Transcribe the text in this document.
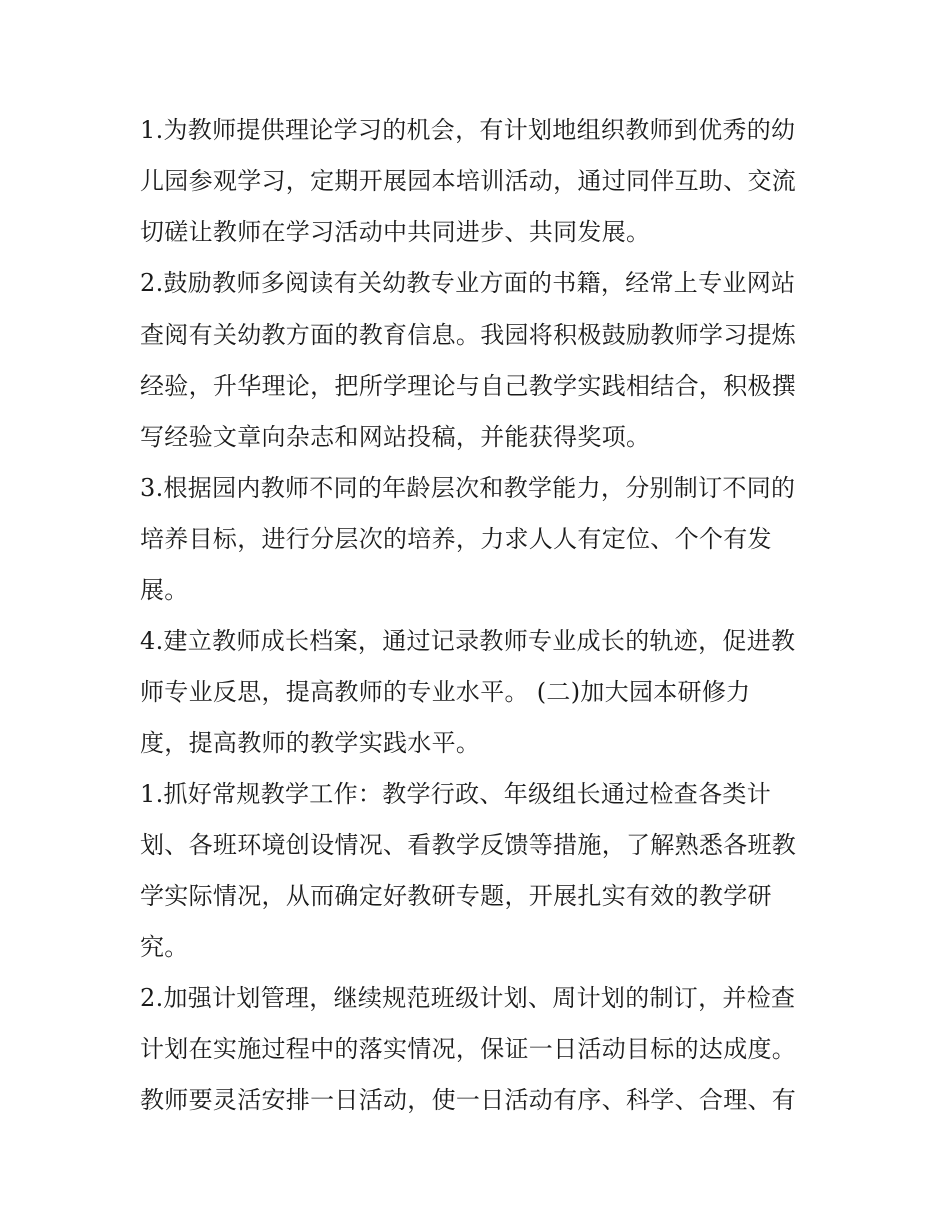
1.为教师提供理论学习的机会，有计划地组织教师到优秀的幼
儿园参观学习，定期开展园本培训活动，通过同伴互助、交流
切磋让教师在学习活动中共同进步、共同发展。
2.鼓励教师多阅读有关幼教专业方面的书籍，经常上专业网站
查阅有关幼教方面的教育信息。我园将积极鼓励教师学习提炼
经验，升华理论，把所学理论与自己教学实践相结合，积极撰
写经验文章向杂志和网站投稿，并能获得奖项。
3.根据园内教师不同的年龄层次和教学能力，分别制订不同的
培养目标，进行分层次的培养，力求人人有定位、个个有发
展。
4.建立教师成长档案，通过记录教师专业成长的轨迹，促进教
师专业反思，提高教师的专业水平。 (二)加大园本研修力
度，提高教师的教学实践水平。
1.抓好常规教学工作：教学行政、年级组长通过检查各类计
划、各班环境创设情况、看教学反馈等措施，了解熟悉各班教
学实际情况，从而确定好教研专题，开展扎实有效的教学研
究。
2.加强计划管理，继续规范班级计划、周计划的制订，并检查
计划在实施过程中的落实情况，保证一日活动目标的达成度。
教师要灵活安排一日活动，使一日活动有序、科学、合理、有
